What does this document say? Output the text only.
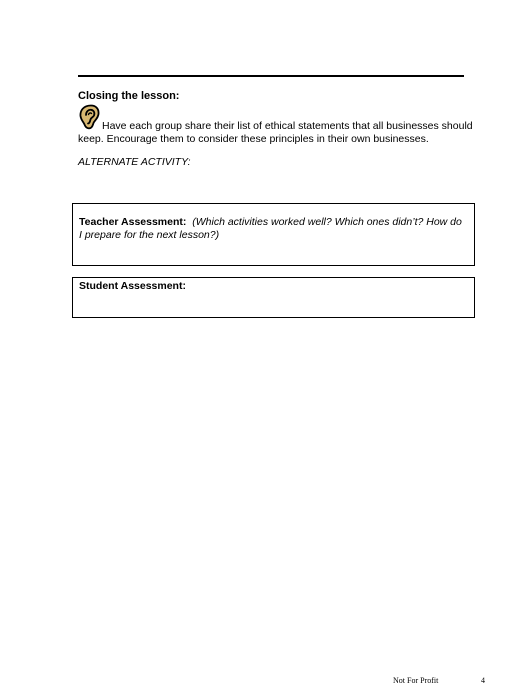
Closing the lesson:
Have each group share their list of ethical statements that all businesses should keep. Encourage them to consider these principles in their own businesses.
ALTERNATE ACTIVITY:
Teacher Assessment: (Which activities worked well? Which ones didn’t? How do I prepare for the next lesson?)
Student Assessment:
Not For Profit	4
